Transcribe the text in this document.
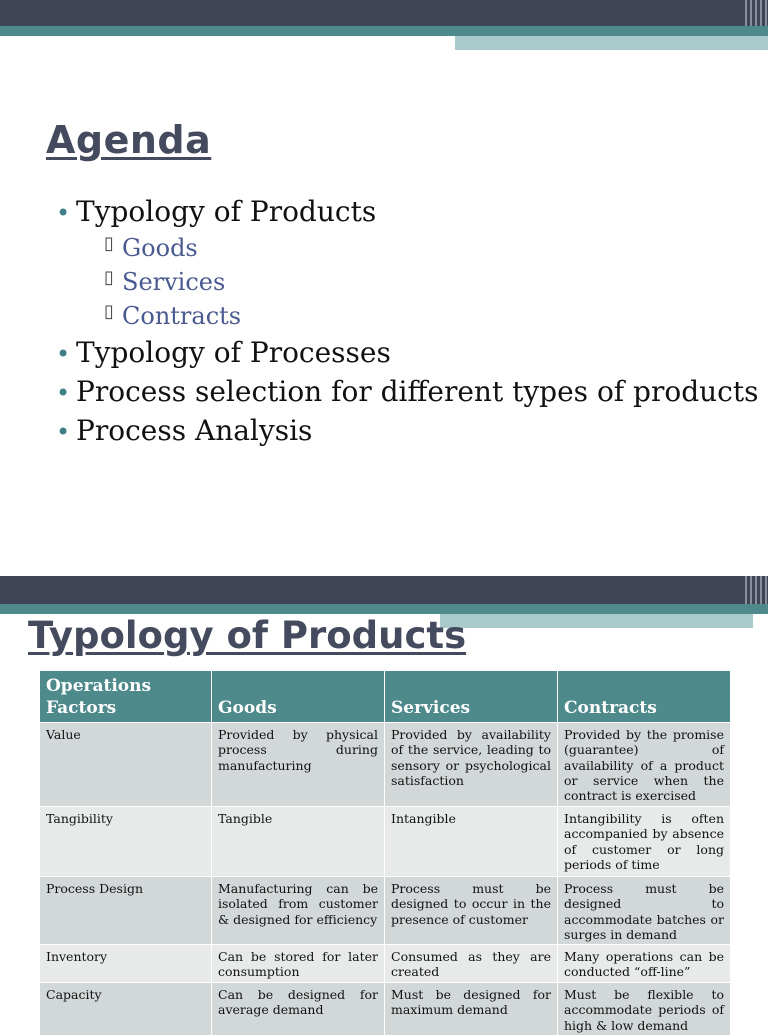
Agenda
• Typology of Products
▯ Goods
▯ Services
▯ Contracts
• Typology of Processes
• Process selection for different types of products
• Process Analysis
Typology of Products
Operations Factors	Goods	Services	Contracts
Value	Provided by physical process during manufacturing	Provided by availability of the service, leading to sensory or psychological satisfaction	Provided by the promise (guarantee) of availability of a product or service when the contract is exercised
Tangibility	Tangible	Intangible	Intangibility is often accompanied by absence of customer or long periods of time
Process Design	Manufacturing can be isolated from customer & designed for efficiency	Process must be designed to occur in the presence of customer	Process must be designed to accommodate batches or surges in demand
Inventory	Can be stored for later consumption	Consumed as they are created	Many operations can be conducted “off-line”
Capacity	Can be designed for average demand	Must be designed for maximum demand	Must be flexible to accommodate periods of high & low demand
